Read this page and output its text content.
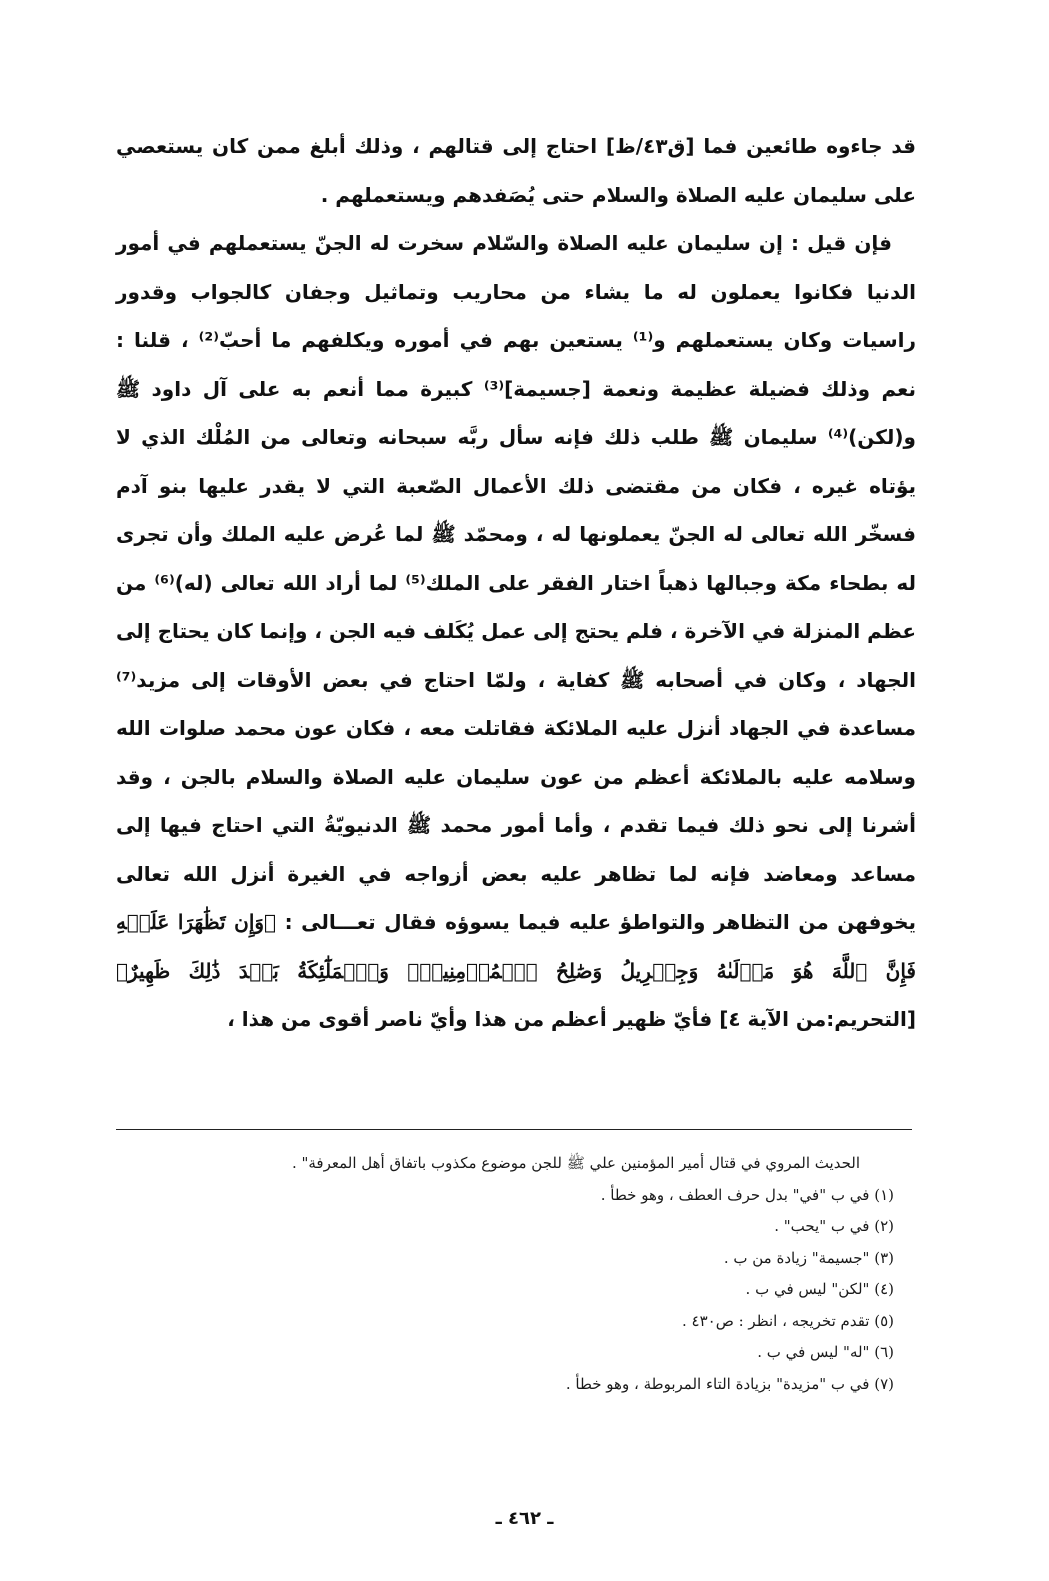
قد جاءوه طائعين فما [ق٤٣/ظ] احتاج إلى قتالهم ، وذلك أبلغ ممن كان يستعصي على سليمان عليه الصلاة والسلام حتى يُصَفدهم ويستعملهم .

فإن قيل : إن سليمان عليه الصلاة والسّلام سخرت له الجنّ يستعملهم في أمور الدنيا فكانوا يعملون له ما يشاء من محاريب وتماثيل وجفان كالجواب وقدور راسيات وكان يستعملهم و⁽¹⁾ يستعين بهم في أموره ويكلفهم ما أحبّ⁽²⁾ ، قلنا : نعم وذلك فضيلة عظيمة ونعمة [جسيمة]⁽³⁾ كبيرة مما أنعم به على آل داود ﷺ و(لكن)⁽⁴⁾ سليمان ﷺ طلب ذلك فإنه سأل ربَّه سبحانه وتعالى من المُلْك الذي لا يؤتاه غيره ، فكان من مقتضى ذلك الأعمال الصّعبة التي لا يقدر عليها بنو آدم فسخّر الله تعالى له الجنّ يعملونها له ، ومحمّد ﷺ لما عُرض عليه الملك وأن تجرى له بطحاء مكة وجبالها ذهباً اختار الفقر على الملك⁽⁵⁾ لما أراد الله تعالى (له)⁽⁶⁾ من عظم المنزلة في الآخرة ، فلم يحتج إلى عمل يُكَلف فيه الجن ، وإنما كان يحتاج إلى الجهاد ، وكان في أصحابه ﷺ كفاية ، ولمّا احتاج في بعض الأوقات إلى مزيد⁽⁷⁾ مساعدة في الجهاد أنزل عليه الملائكة فقاتلت معه ، فكان عون محمد صلوات الله وسلامه عليه بالملائكة أعظم من عون سليمان عليه الصلاة والسلام بالجن ، وقد أشرنا إلى نحو ذلك فيما تقدم ، وأما أمور محمد ﷺ الدنيويّةُ التي احتاج فيها إلى مساعد ومعاضد فإنه لما تظاهر عليه بعض أزواجه في الغيرة أنزل الله تعالى يخوفهن من التظاهر والتواطؤ عليه فيما يسوؤه فقال تعـــالى : ﴿وَإِن تَظَٰهَرَا عَلَيۡهِ فَإِنَّ ٱللَّهَ هُوَ مَوۡلَىٰهُ وَجِبۡرِيلُ وَصَٰلِحُ ٱلۡمُؤۡمِنِينَۖ وَٱلۡمَلَٰٓئِكَةُ بَعۡدَ ذَٰلِكَ ظَهِيرٌ﴾ [التحريم:من الآية ٤] فأيّ ظهير أعظم من هذا وأيّ ناصر أقوى من هذا ،

الحديث المروي في قتال أمير المؤمنين علي ﷺ للجن موضوع مكذوب باتفاق أهل المعرفة" .

(١) في ب "في" بدل حرف العطف ، وهو خطأ .

(٢) في ب "يحب" .

(٣) "جسيمة" زيادة من ب .

(٤) "لكن" ليس في ب .

(٥) تقدم تخريجه ، انظر : ص٤٣٠ .

(٦) "له" ليس في ب .

(٧) في ب "مزيدة" بزيادة التاء المربوطة ، وهو خطأ .

ـ ٤٦٢ ـ
